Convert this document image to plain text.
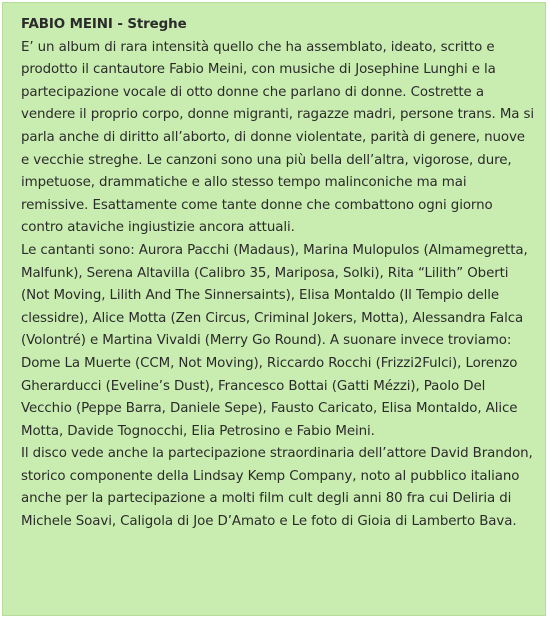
FABIO MEINI - Streghe

E’ un album di rara intensità quello che ha assemblato, ideato, scritto e prodotto il cantautore Fabio Meini, con musiche di Josephine Lunghi e la partecipazione vocale di otto donne che parlano di donne. Costrette a vendere il proprio corpo, donne migranti, ragazze madri, persone trans. Ma si parla anche di diritto all’aborto, di donne violentate, parità di genere, nuove e vecchie streghe. Le canzoni sono una più bella dell’altra, vigorose, dure, impetuose, drammatiche e allo stesso tempo malinconiche ma mai remissive. Esattamente come tante donne che combattono ogni giorno contro ataviche ingiustizie ancora attuali.

Le cantanti sono: Aurora Pacchi (Madaus), Marina Mulopulos (Almamegretta, Malfunk), Serena Altavilla (Calibro 35, Mariposa, Solki), Rita “Lilith” Oberti (Not Moving, Lilith And The Sinnersaints), Elisa Montaldo (Il Tempio delle clessidre), Alice Motta (Zen Circus, Criminal Jokers, Motta), Alessandra Falca (Volontré) e Martina Vivaldi (Merry Go Round). A suonare invece troviamo: Dome La Muerte (CCM, Not Moving), Riccardo Rocchi (Frizzi2Fulci), Lorenzo Gherarducci (Eveline’s Dust), Francesco Bottai (Gatti Mézzi), Paolo Del Vecchio (Peppe Barra, Daniele Sepe), Fausto Caricato, Elisa Montaldo, Alice Motta, Davide Tognocchi, Elia Petrosino e Fabio Meini.

Il disco vede anche la partecipazione straordinaria dell’attore David Brandon, storico componente della Lindsay Kemp Company, noto al pubblico italiano anche per la partecipazione a molti film cult degli anni 80 fra cui Deliria di Michele Soavi, Caligola di Joe D’Amato e Le foto di Gioia di Lamberto Bava.
